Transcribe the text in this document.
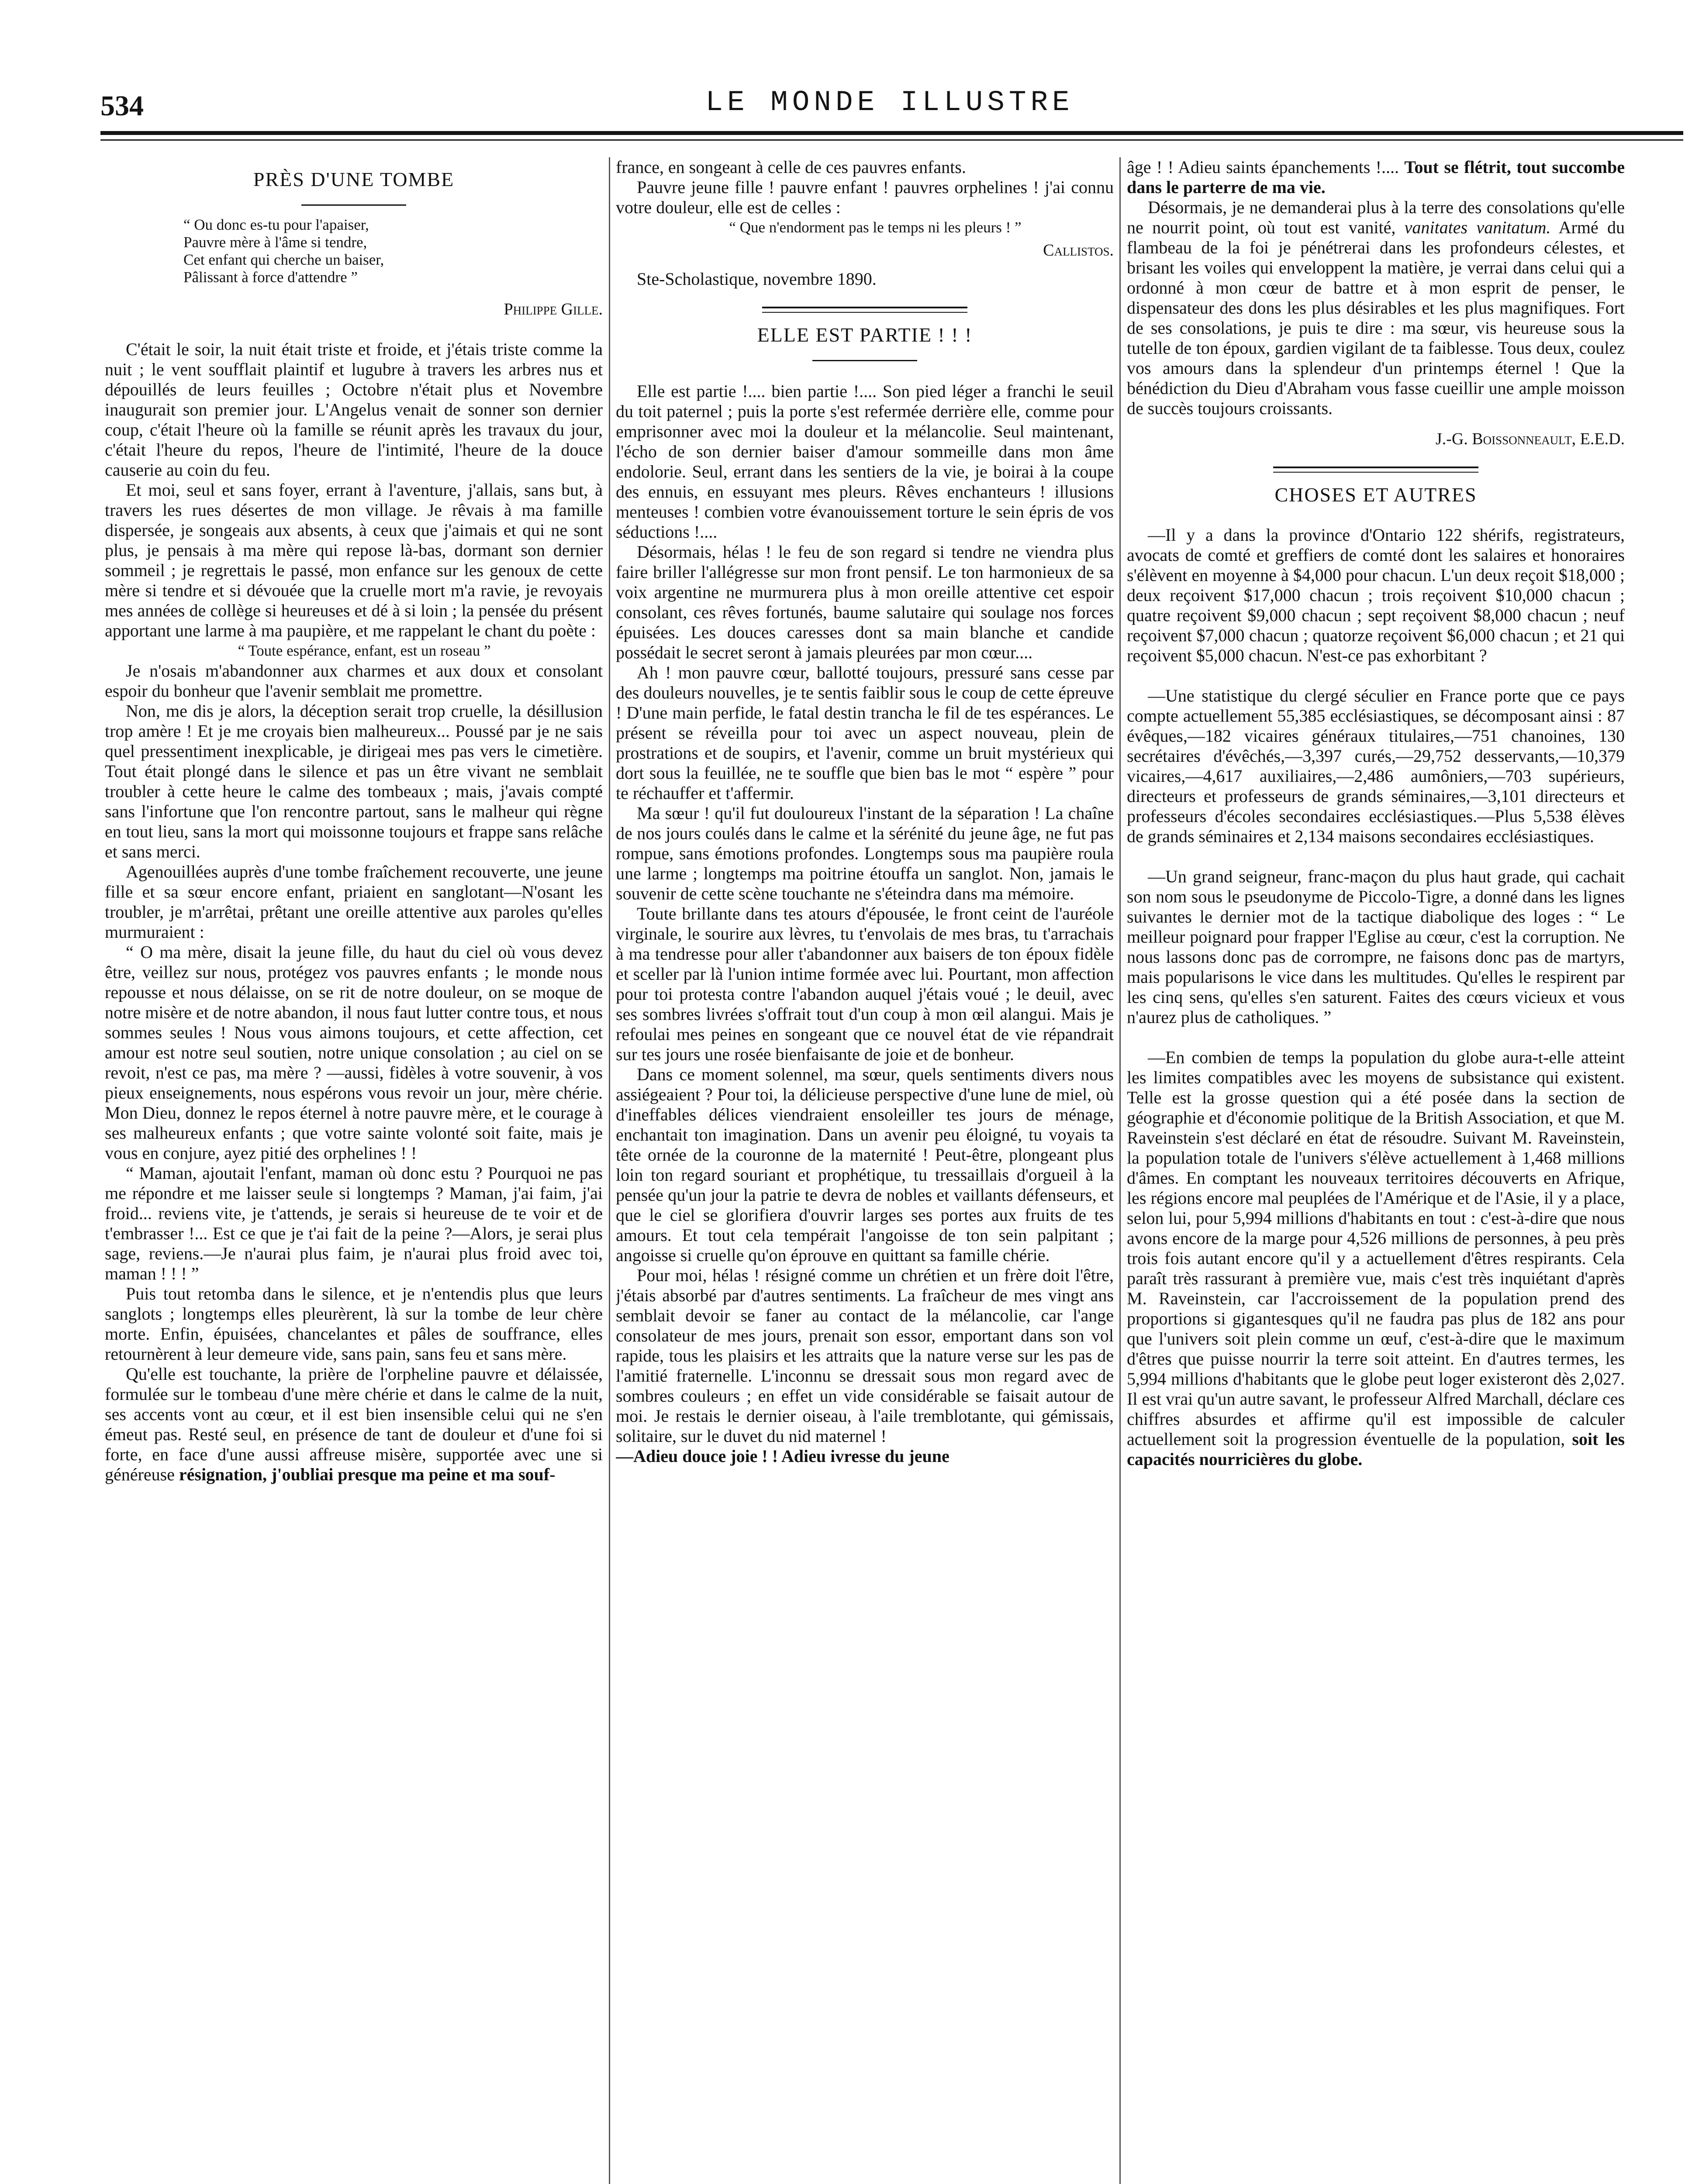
534	LE MONDE ILLUSTRE
PRÈS D'UNE TOMBE
“ Ou donc es-tu pour l'apaiser,
Pauvre mère à l'âme si tendre,
Cet enfant qui cherche un baiser,
Pâlissant à force d'attendre ”
Philippe Gille.

C'était le soir, la nuit était triste et froide, et j'étais triste comme la nuit ; le vent soufflait plaintif et lugubre à travers les arbres nus et dépouillés de leurs feuilles ; Octobre n'était plus et Novembre inaugurait son premier jour. L'Angelus venait de sonner son dernier coup, c'était l'heure où la famille se réunit après les travaux du jour, c'était l'heure du repos, l'heure de l'intimité, l'heure de la douce causerie au coin du feu.

Et moi, seul et sans foyer, errant à l'aventure, j'allais, sans but, à travers les rues désertes de mon village. Je rêvais à ma famille dispersée, je songeais aux absents, à ceux que j'aimais et qui ne sont plus, je pensais à ma mère qui repose là-bas, dormant son dernier sommeil ; je regrettais le passé, mon enfance sur les genoux de cette mère si tendre et si dévouée que la cruelle mort m'a ravie, je revoyais mes années de collège si heureuses et dé à si loin ; la pensée du présent apportant une larme à ma paupière, et me rappelant le chant du poète :

“ Toute espérance, enfant, est un roseau ”

Je n'osais m'abandonner aux charmes et aux doux et consolant espoir du bonheur que l'avenir semblait me promettre.

Non, me dis je alors, la déception serait trop cruelle, la désillusion trop amère ! Et je me croyais bien malheureux... Poussé par je ne sais quel pressentiment inexplicable, je dirigeai mes pas vers le cimetière. Tout était plongé dans le silence et pas un être vivant ne semblait troubler à cette heure le calme des tombeaux ; mais, j'avais compté sans l'infortune que l'on rencontre partout, sans le malheur qui règne en tout lieu, sans la mort qui moissonne toujours et frappe sans relâche et sans merci.

Agenouillées auprès d'une tombe fraîchement recouverte, une jeune fille et sa sœur encore enfant, priaient en sanglotant—N'osant les troubler, je m'arrêtai, prêtant une oreille attentive aux paroles qu'elles murmuraient :

“ O ma mère, disait la jeune fille, du haut du ciel où vous devez être, veillez sur nous, protégez vos pauvres enfants ; le monde nous repousse et nous délaisse, on se rit de notre douleur, on se moque de notre misère et de notre abandon, il nous faut lutter contre tous, et nous sommes seules ! Nous vous aimons toujours, et cette affection, cet amour est notre seul soutien, notre unique consolation ; au ciel on se revoit, n'est ce pas, ma mère ? —aussi, fidèles à votre souvenir, à vos pieux enseignements, nous espérons vous revoir un jour, mère chérie. Mon Dieu, donnez le repos éternel à notre pauvre mère, et le courage à ses malheureux enfants ; que votre sainte volonté soit faite, mais je vous en conjure, ayez pitié des orphelines ! !

“ Maman, ajoutait l'enfant, maman où donc estu ? Pourquoi ne pas me répondre et me laisser seule si longtemps ? Maman, j'ai faim, j'ai froid... reviens vite, je t'attends, je serais si heureuse de te voir et de t'embrasser !... Est ce que je t'ai fait de la peine ?—Alors, je serai plus sage, reviens.—Je n'aurai plus faim, je n'aurai plus froid avec toi, maman ! ! ! ”

Puis tout retomba dans le silence, et je n'entendis plus que leurs sanglots ; longtemps elles pleurèrent, là sur la tombe de leur chère morte. Enfin, épuisées, chancelantes et pâles de souffrance, elles retournèrent à leur demeure vide, sans pain, sans feu et sans mère.

Qu'elle est touchante, la prière de l'orpheline pauvre et délaissée, formulée sur le tombeau d'une mère chérie et dans le calme de la nuit, ses accents vont au cœur, et il est bien insensible celui qui ne s'en émeut pas. Resté seul, en présence de tant de douleur et d'une foi si forte, en face d'une aussi affreuse misère, supportée avec une si généreuse résignation, j'oubliai presque ma peine et ma souf-

france, en songeant à celle de ces pauvres enfants.

Pauvre jeune fille ! pauvre enfant ! pauvres orphelines ! j'ai connu votre douleur, elle est de celles :

“ Que n'endorment pas le temps ni les pleurs ! ”

Callistos.

Ste-Scholastique, novembre 1890.

ELLE EST PARTIE ! ! !

Elle est partie !.... bien partie !.... Son pied léger a franchi le seuil du toit paternel ; puis la porte s'est refermée derrière elle, comme pour emprisonner avec moi la douleur et la mélancolie. Seul maintenant, l'écho de son dernier baiser d'amour sommeille dans mon âme endolorie. Seul, errant dans les sentiers de la vie, je boirai à la coupe des ennuis, en essuyant mes pleurs. Rêves enchanteurs ! illusions menteuses ! combien votre évanouissement torture le sein épris de vos séductions !....

Désormais, hélas ! le feu de son regard si tendre ne viendra plus faire briller l'allégresse sur mon front pensif. Le ton harmonieux de sa voix argentine ne murmurera plus à mon oreille attentive cet espoir consolant, ces rêves fortunés, baume salutaire qui soulage nos forces épuisées. Les douces caresses dont sa main blanche et candide possédait le secret seront à jamais pleurées par mon cœur....

Ah ! mon pauvre cœur, ballotté toujours, pressuré sans cesse par des douleurs nouvelles, je te sentis faiblir sous le coup de cette épreuve ! D'une main perfide, le fatal destin trancha le fil de tes espérances. Le présent se réveilla pour toi avec un aspect nouveau, plein de prostrations et de soupirs, et l'avenir, comme un bruit mystérieux qui dort sous la feuillée, ne te souffle que bien bas le mot “ espère ” pour te réchauffer et t'affermir.

Ma sœur ! qu'il fut douloureux l'instant de la séparation ! La chaîne de nos jours coulés dans le calme et la sérénité du jeune âge, ne fut pas rompue, sans émotions profondes. Longtemps sous ma paupière roula une larme ; longtemps ma poitrine étouffa un sanglot. Non, jamais le souvenir de cette scène touchante ne s'éteindra dans ma mémoire.

Toute brillante dans tes atours d'épousée, le front ceint de l'auréole virginale, le sourire aux lèvres, tu t'envolais de mes bras, tu t'arrachais à ma tendresse pour aller t'abandonner aux baisers de ton époux fidèle et sceller par là l'union intime formée avec lui. Pourtant, mon affection pour toi protesta contre l'abandon auquel j'étais voué ; le deuil, avec ses sombres livrées s'offrait tout d'un coup à mon œil alangui. Mais je refoulai mes peines en songeant que ce nouvel état de vie répandrait sur tes jours une rosée bienfaisante de joie et de bonheur.

Dans ce moment solennel, ma sœur, quels sentiments divers nous assiégeaient ? Pour toi, la délicieuse perspective d'une lune de miel, où d'ineffables délices viendraient ensoleiller tes jours de ménage, enchantait ton imagination. Dans un avenir peu éloigné, tu voyais ta tête ornée de la couronne de la maternité ! Peut-être, plongeant plus loin ton regard souriant et prophétique, tu tressaillais d'orgueil à la pensée qu'un jour la patrie te devra de nobles et vaillants défenseurs, et que le ciel se glorifiera d'ouvrir larges ses portes aux fruits de tes amours. Et tout cela tempérait l'angoisse de ton sein palpitant ; angoisse si cruelle qu'on éprouve en quittant sa famille chérie.

Pour moi, hélas ! résigné comme un chrétien et un frère doit l'être, j'étais absorbé par d'autres sentiments. La fraîcheur de mes vingt ans semblait devoir se faner au contact de la mélancolie, car l'ange consolateur de mes jours, prenait son essor, emportant dans son vol rapide, tous les plaisirs et les attraits que la nature verse sur les pas de l'amitié fraternelle. L'inconnu se dressait sous mon regard avec de sombres couleurs ; en effet un vide considérable se faisait autour de moi. Je restais le dernier oiseau, à l'aile tremblotante, qui gémissais, solitaire, sur le duvet du nid maternel !

—Adieu douce joie ! ! Adieu ivresse du jeune

âge ! ! Adieu saints épanchements !.... Tout se flétrit, tout succombe dans le parterre de ma vie.

Désormais, je ne demanderai plus à la terre des consolations qu'elle ne nourrit point, où tout est vanité, vanitates vanitatum. Armé du flambeau de la foi je pénétrerai dans les profondeurs célestes, et brisant les voiles qui enveloppent la matière, je verrai dans celui qui a ordonné à mon cœur de battre et à mon esprit de penser, le dispensateur des dons les plus désirables et les plus magnifiques. Fort de ses consolations, je puis te dire : ma sœur, vis heureuse sous la tutelle de ton époux, gardien vigilant de ta faiblesse. Tous deux, coulez vos amours dans la splendeur d'un printemps éternel ! Que la bénédiction du Dieu d'Abraham vous fasse cueillir une ample moisson de succès toujours croissants.

J.-G. Boissonneault, E.E.D.
CHOSES ET AUTRES

—Il y a dans la province d'Ontario 122 shérifs, registrateurs, avocats de comté et greffiers de comté dont les salaires et honoraires s'élèvent en moyenne à $4,000 pour chacun. L'un deux reçoit $18,000 ; deux reçoivent $17,000 chacun ; trois reçoivent $10,000 chacun ; quatre reçoivent $9,000 chacun ; sept reçoivent $8,000 chacun ; neuf reçoivent $7,000 chacun ; quatorze reçoivent $6,000 chacun ; et 21 qui reçoivent $5,000 chacun. N'est-ce pas exhorbitant ?

—Une statistique du clergé séculier en France porte que ce pays compte actuellement 55,385 ecclésiastiques, se décomposant ainsi : 87 évêques,—182 vicaires généraux titulaires,—751 chanoines, 130 secrétaires d'évêchés,—3,397 curés,—29,752 desservants,—10,379 vicaires,—4,617 auxiliaires,—2,486 aumôniers,—703 supérieurs, directeurs et professeurs de grands séminaires,—3,101 directeurs et professeurs d'écoles secondaires ecclésiastiques.—Plus 5,538 élèves de grands séminaires et 2,134 maisons secondaires ecclésiastiques.

—Un grand seigneur, franc-maçon du plus haut grade, qui cachait son nom sous le pseudonyme de Piccolo-Tigre, a donné dans les lignes suivantes le dernier mot de la tactique diabolique des loges : “ Le meilleur poignard pour frapper l'Eglise au cœur, c'est la corruption. Ne nous lassons donc pas de corrompre, ne faisons donc pas de martyrs, mais popularisons le vice dans les multitudes. Qu'elles le respirent par les cinq sens, qu'elles s'en saturent. Faites des cœurs vicieux et vous n'aurez plus de catholiques. ”

—En combien de temps la population du globe aura-t-elle atteint les limites compatibles avec les moyens de subsistance qui existent. Telle est la grosse question qui a été posée dans la section de géographie et d'économie politique de la British Association, et que M. Raveinstein s'est déclaré en état de résoudre. Suivant M. Raveinstein, la population totale de l'univers s'élève actuellement à 1,468 millions d'âmes. En comptant les nouveaux territoires découverts en Afrique, les régions encore mal peuplées de l'Amérique et de l'Asie, il y a place, selon lui, pour 5,994 millions d'habitants en tout : c'est-à-dire que nous avons encore de la marge pour 4,526 millions de personnes, à peu près trois fois autant encore qu'il y a actuellement d'êtres respirants. Cela paraît très rassurant à première vue, mais c'est très inquiétant d'après M. Raveinstein, car l'accroissement de la population prend des proportions si gigantesques qu'il ne faudra pas plus de 182 ans pour que l'univers soit plein comme un œuf, c'est-à-dire que le maximum d'êtres que puisse nourrir la terre soit atteint. En d'autres termes, les 5,994 millions d'habitants que le globe peut loger existeront dès 2,027. Il est vrai qu'un autre savant, le professeur Alfred Marchall, déclare ces chiffres absurdes et affirme qu'il est impossible de calculer actuellement soit la progression éventuelle de la population, soit les capacités nourricières du globe.
